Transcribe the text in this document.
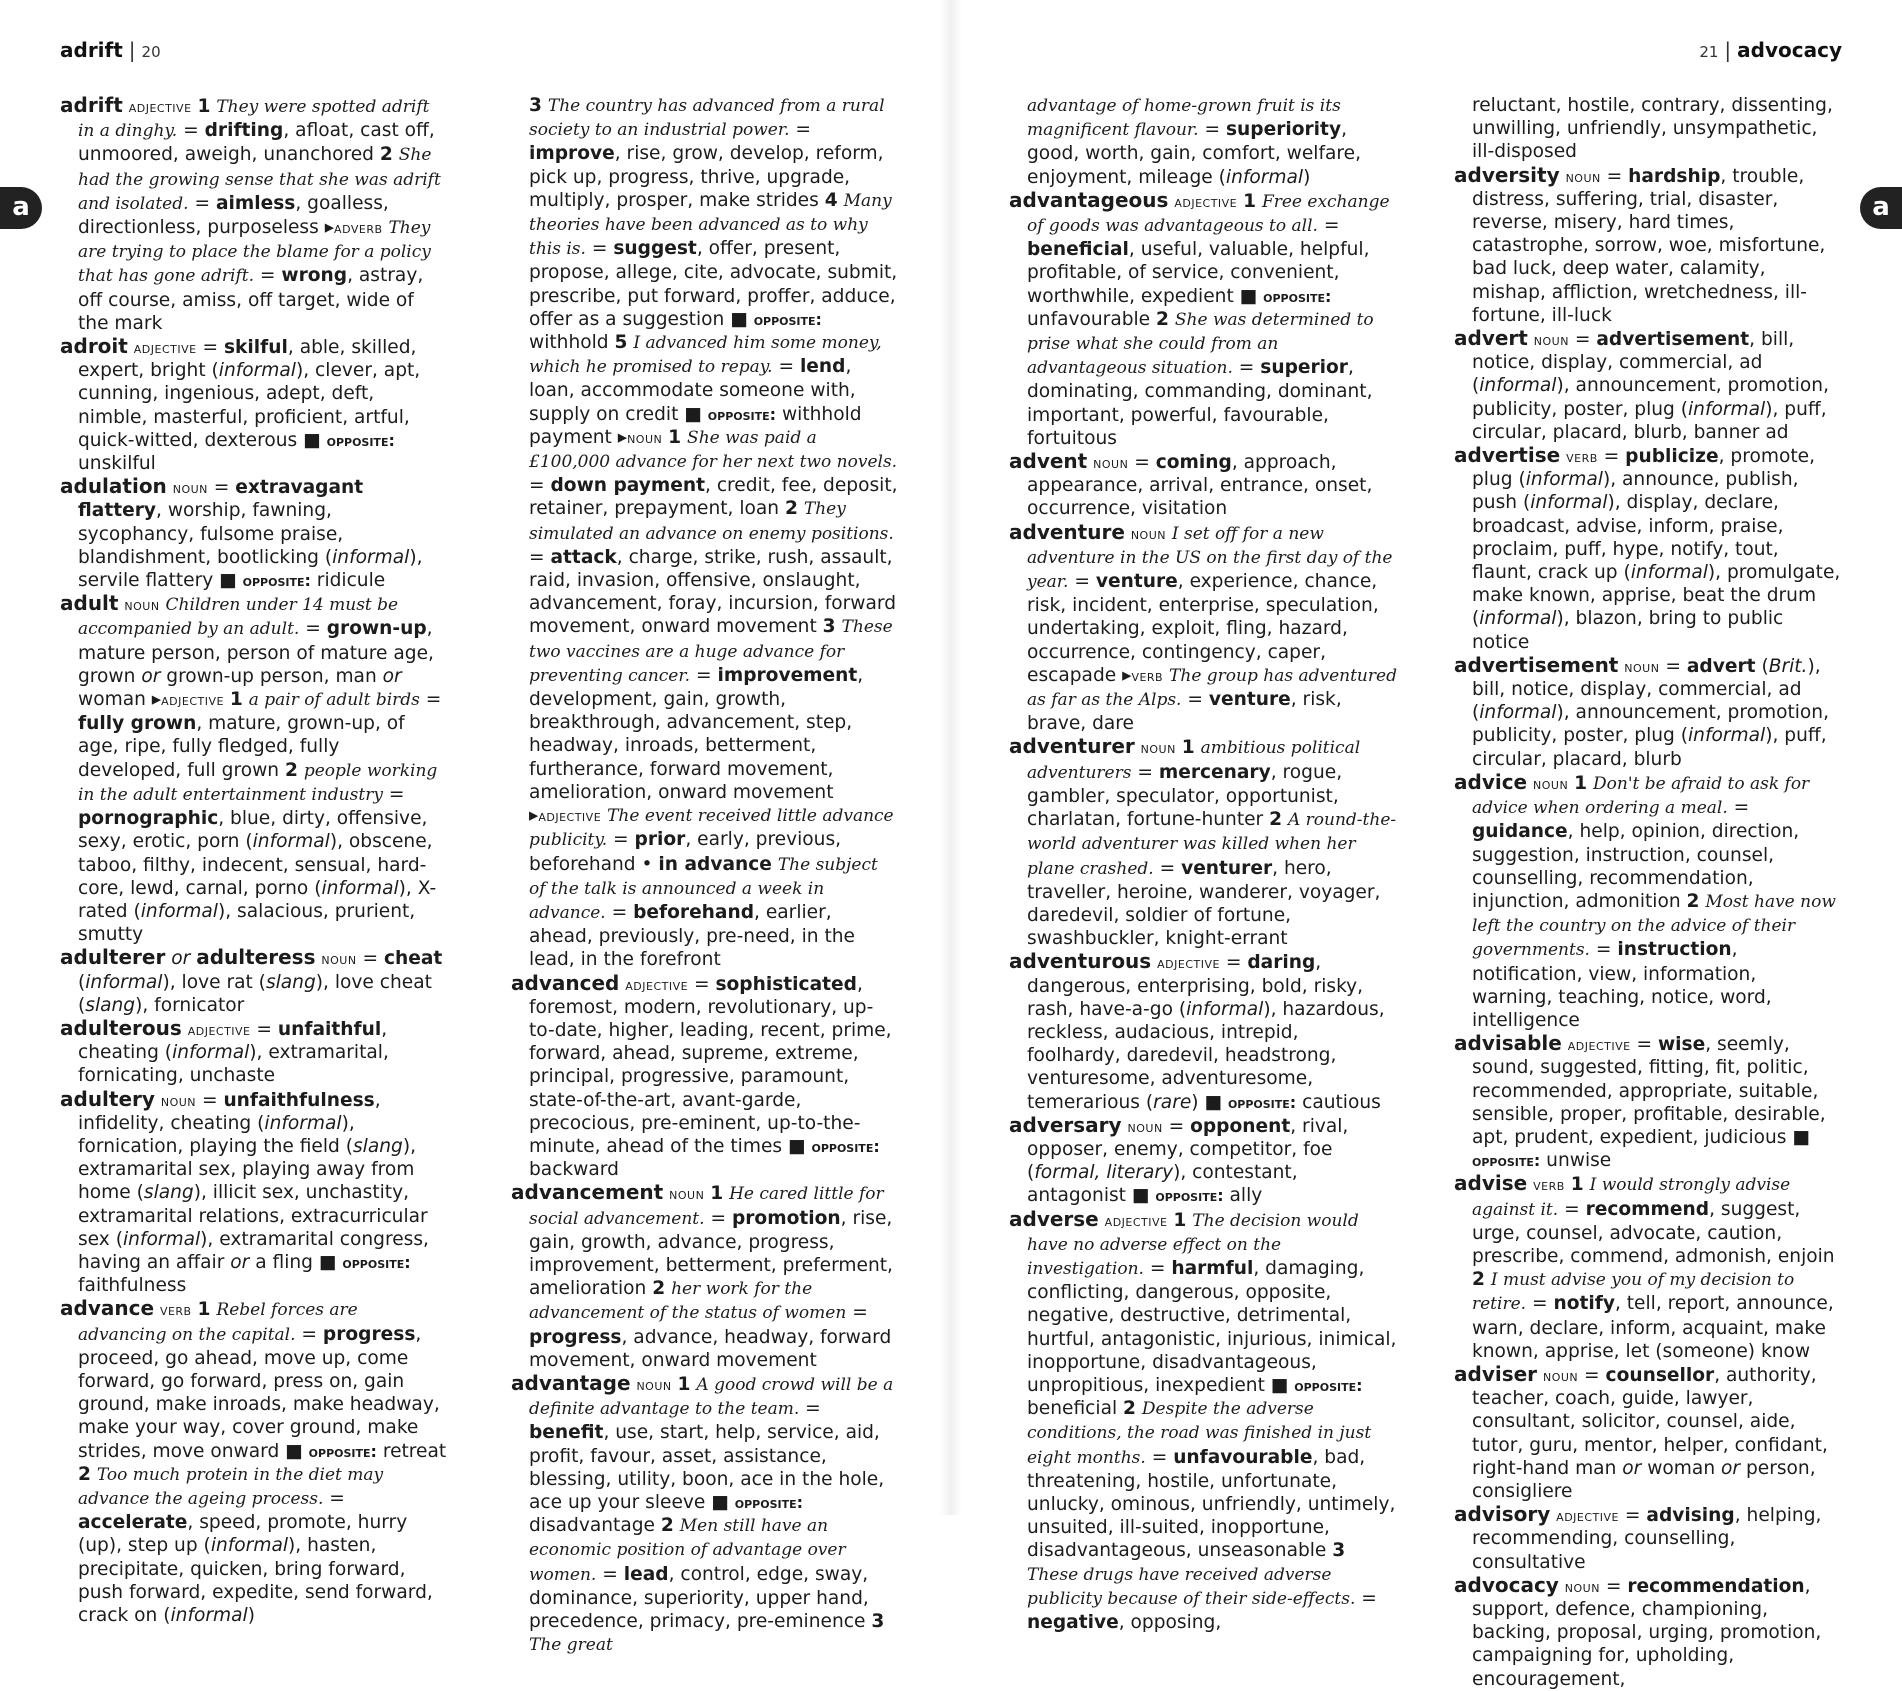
adrift | 20
a

adrift adjective 1 They were spotted adrift in a dinghy. = drifting, afloat, cast off, unmoored, aweigh, unanchored 2 She had the growing sense that she was adrift and isolated. = aimless, goalless, directionless, purposeless ▸adverb They are trying to place the blame for a policy that has gone adrift. = wrong, astray, off course, amiss, off target, wide of the mark

adroit adjective = skilful, able, skilled, expert, bright (informal), clever, apt, cunning, ingenious, adept, deft, nimble, masterful, proficient, artful, quick-witted, dexterous ■ opposite: unskilful

adulation noun = extravagant flattery, worship, fawning, sycophancy, fulsome praise, blandishment, bootlicking (informal), servile flattery ■ opposite: ridicule

adult noun Children under 14 must be accompanied by an adult. = grown-up, mature person, person of mature age, grown or grown-up person, man or woman ▸adjective 1 a pair of adult birds = fully grown, mature, grown-up, of age, ripe, fully fledged, fully developed, full grown 2 people working in the adult entertainment industry = pornographic, blue, dirty, offensive, sexy, erotic, porn (informal), obscene, taboo, filthy, indecent, sensual, hard-core, lewd, carnal, porno (informal), X-rated (informal), salacious, prurient, smutty

adulterer or adulteress noun = cheat (informal), love rat (slang), love cheat (slang), fornicator

adulterous adjective = unfaithful, cheating (informal), extramarital, fornicating, unchaste

adultery noun = unfaithfulness, infidelity, cheating (informal), fornication, playing the field (slang), extramarital sex, playing away from home (slang), illicit sex, unchastity, extramarital relations, extracurricular sex (informal), extramarital congress, having an affair or a fling ■ opposite: faithfulness

advance verb 1 Rebel forces are advancing on the capital. = progress, proceed, go ahead, move up, come forward, go forward, press on, gain ground, make inroads, make headway, make your way, cover ground, make strides, move onward ■ opposite: retreat 2 Too much protein in the diet may advance the ageing process. = accelerate, speed, promote, hurry (up), step up (informal), hasten, precipitate, quicken, bring forward, push forward, expedite, send forward, crack on (informal)

3 The country has advanced from a rural society to an industrial power. = improve, rise, grow, develop, reform, pick up, progress, thrive, upgrade, multiply, prosper, make strides 4 Many theories have been advanced as to why this is. = suggest, offer, present, propose, allege, cite, advocate, submit, prescribe, put forward, proffer, adduce, offer as a suggestion ■ opposite: withhold 5 I advanced him some money, which he promised to repay. = lend, loan, accommodate someone with, supply on credit ■ opposite: withhold payment ▸noun 1 She was paid a £100,000 advance for her next two novels. = down payment, credit, fee, deposit, retainer, prepayment, loan 2 They simulated an advance on enemy positions. = attack, charge, strike, rush, assault, raid, invasion, offensive, onslaught, advancement, foray, incursion, forward movement, onward movement 3 These two vaccines are a huge advance for preventing cancer. = improvement, development, gain, growth, breakthrough, advancement, step, headway, inroads, betterment, furtherance, forward movement, amelioration, onward movement ▸adjective The event received little advance publicity. = prior, early, previous, beforehand • in advance The subject of the talk is announced a week in advance. = beforehand, earlier, ahead, previously, pre-need, in the lead, in the forefront

advanced adjective = sophisticated, foremost, modern, revolutionary, up-to-date, higher, leading, recent, prime, forward, ahead, supreme, extreme, principal, progressive, paramount, state-of-the-art, avant-garde, precocious, pre-eminent, up-to-the-minute, ahead of the times ■ opposite: backward

advancement noun 1 He cared little for social advancement. = promotion, rise, gain, growth, advance, progress, improvement, betterment, preferment, amelioration 2 her work for the advancement of the status of women = progress, advance, headway, forward movement, onward movement

advantage noun 1 A good crowd will be a definite advantage to the team. = benefit, use, start, help, service, aid, profit, favour, asset, assistance, blessing, utility, boon, ace in the hole, ace up your sleeve ■ opposite: disadvantage 2 Men still have an economic position of advantage over women. = lead, control, edge, sway, dominance, superiority, upper hand, precedence, primacy, pre-eminence 3 The great

21 | advocacy
a

advantage of home-grown fruit is its magnificent flavour. = superiority, good, worth, gain, comfort, welfare, enjoyment, mileage (informal)

advantageous adjective 1 Free exchange of goods was advantageous to all. = beneficial, useful, valuable, helpful, profitable, of service, convenient, worthwhile, expedient ■ opposite: unfavourable 2 She was determined to prise what she could from an advantageous situation. = superior, dominating, commanding, dominant, important, powerful, favourable, fortuitous

advent noun = coming, approach, appearance, arrival, entrance, onset, occurrence, visitation

adventure noun I set off for a new adventure in the US on the first day of the year. = venture, experience, chance, risk, incident, enterprise, speculation, undertaking, exploit, fling, hazard, occurrence, contingency, caper, escapade ▸verb The group has adventured as far as the Alps. = venture, risk, brave, dare

adventurer noun 1 ambitious political adventurers = mercenary, rogue, gambler, speculator, opportunist, charlatan, fortune-hunter 2 A round-the-world adventurer was killed when her plane crashed. = venturer, hero, traveller, heroine, wanderer, voyager, daredevil, soldier of fortune, swashbuckler, knight-errant

adventurous adjective = daring, dangerous, enterprising, bold, risky, rash, have-a-go (informal), hazardous, reckless, audacious, intrepid, foolhardy, daredevil, headstrong, venturesome, adventuresome, temerarious (rare) ■ opposite: cautious

adversary noun = opponent, rival, opposer, enemy, competitor, foe (formal, literary), contestant, antagonist ■ opposite: ally

adverse adjective 1 The decision would have no adverse effect on the investigation. = harmful, damaging, conflicting, dangerous, opposite, negative, destructive, detrimental, hurtful, antagonistic, injurious, inimical, inopportune, disadvantageous, unpropitious, inexpedient ■ opposite: beneficial 2 Despite the adverse conditions, the road was finished in just eight months. = unfavourable, bad, threatening, hostile, unfortunate, unlucky, ominous, unfriendly, untimely, unsuited, ill-suited, inopportune, disadvantageous, unseasonable 3 These drugs have received adverse publicity because of their side-effects. = negative, opposing,

reluctant, hostile, contrary, dissenting, unwilling, unfriendly, unsympathetic, ill-disposed

adversity noun = hardship, trouble, distress, suffering, trial, disaster, reverse, misery, hard times, catastrophe, sorrow, woe, misfortune, bad luck, deep water, calamity, mishap, affliction, wretchedness, ill-fortune, ill-luck

advert noun = advertisement, bill, notice, display, commercial, ad (informal), announcement, promotion, publicity, poster, plug (informal), puff, circular, placard, blurb, banner ad

advertise verb = publicize, promote, plug (informal), announce, publish, push (informal), display, declare, broadcast, advise, inform, praise, proclaim, puff, hype, notify, tout, flaunt, crack up (informal), promulgate, make known, apprise, beat the drum (informal), blazon, bring to public notice

advertisement noun = advert (Brit.), bill, notice, display, commercial, ad (informal), announcement, promotion, publicity, poster, plug (informal), puff, circular, placard, blurb

advice noun 1 Don't be afraid to ask for advice when ordering a meal. = guidance, help, opinion, direction, suggestion, instruction, counsel, counselling, recommendation, injunction, admonition 2 Most have now left the country on the advice of their governments. = instruction, notification, view, information, warning, teaching, notice, word, intelligence

advisable adjective = wise, seemly, sound, suggested, fitting, fit, politic, recommended, appropriate, suitable, sensible, proper, profitable, desirable, apt, prudent, expedient, judicious ■ opposite: unwise

advise verb 1 I would strongly advise against it. = recommend, suggest, urge, counsel, advocate, caution, prescribe, commend, admonish, enjoin 2 I must advise you of my decision to retire. = notify, tell, report, announce, warn, declare, inform, acquaint, make known, apprise, let (someone) know

adviser noun = counsellor, authority, teacher, coach, guide, lawyer, consultant, solicitor, counsel, aide, tutor, guru, mentor, helper, confidant, right-hand man or woman or person, consigliere

advisory adjective = advising, helping, recommending, counselling, consultative

advocacy noun = recommendation, support, defence, championing, backing, proposal, urging, promotion, campaigning for, upholding, encouragement,
